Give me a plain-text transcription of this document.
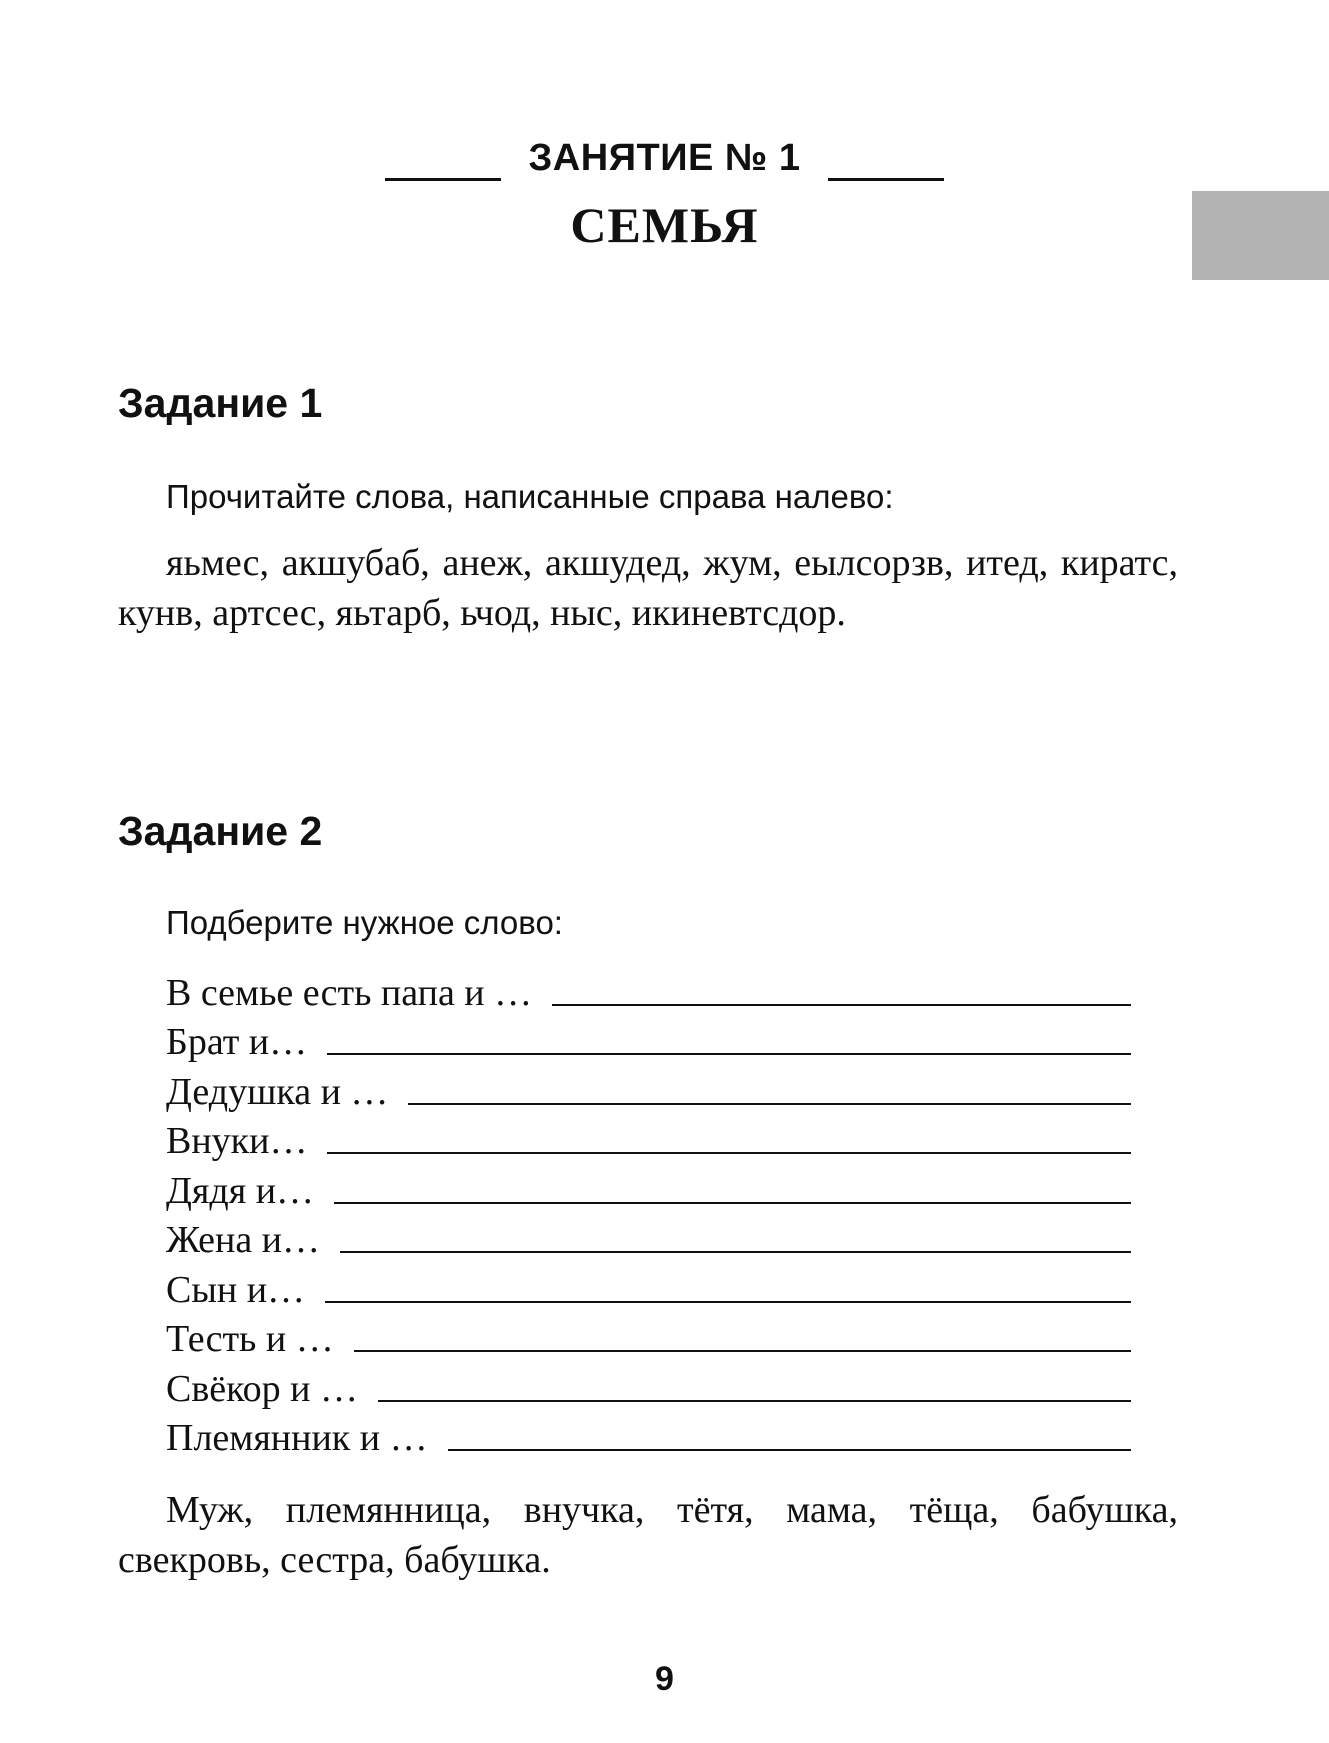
ЗАНЯТИЕ № 1
СЕМЬЯ
Задание 1
Прочитайте слова, написанные справа налево:

яьмес, акшубаб, анеж, акшудед, жум, еылсорзв, итед, киратс, кунв, артсес, яьтарб, ьчод, ныс, икиневтсдор.

Задание 2
Подберите нужное слово:
В семье есть папа и …
Брат и…
Дедушка и …
Внуки…
Дядя и…
Жена и…
Сын и…
Тесть и …
Свёкор и …
Племянник и …

Муж, племянница, внучка, тётя, мама, тёща, бабушка, свекровь, сестра, бабушка.

9
